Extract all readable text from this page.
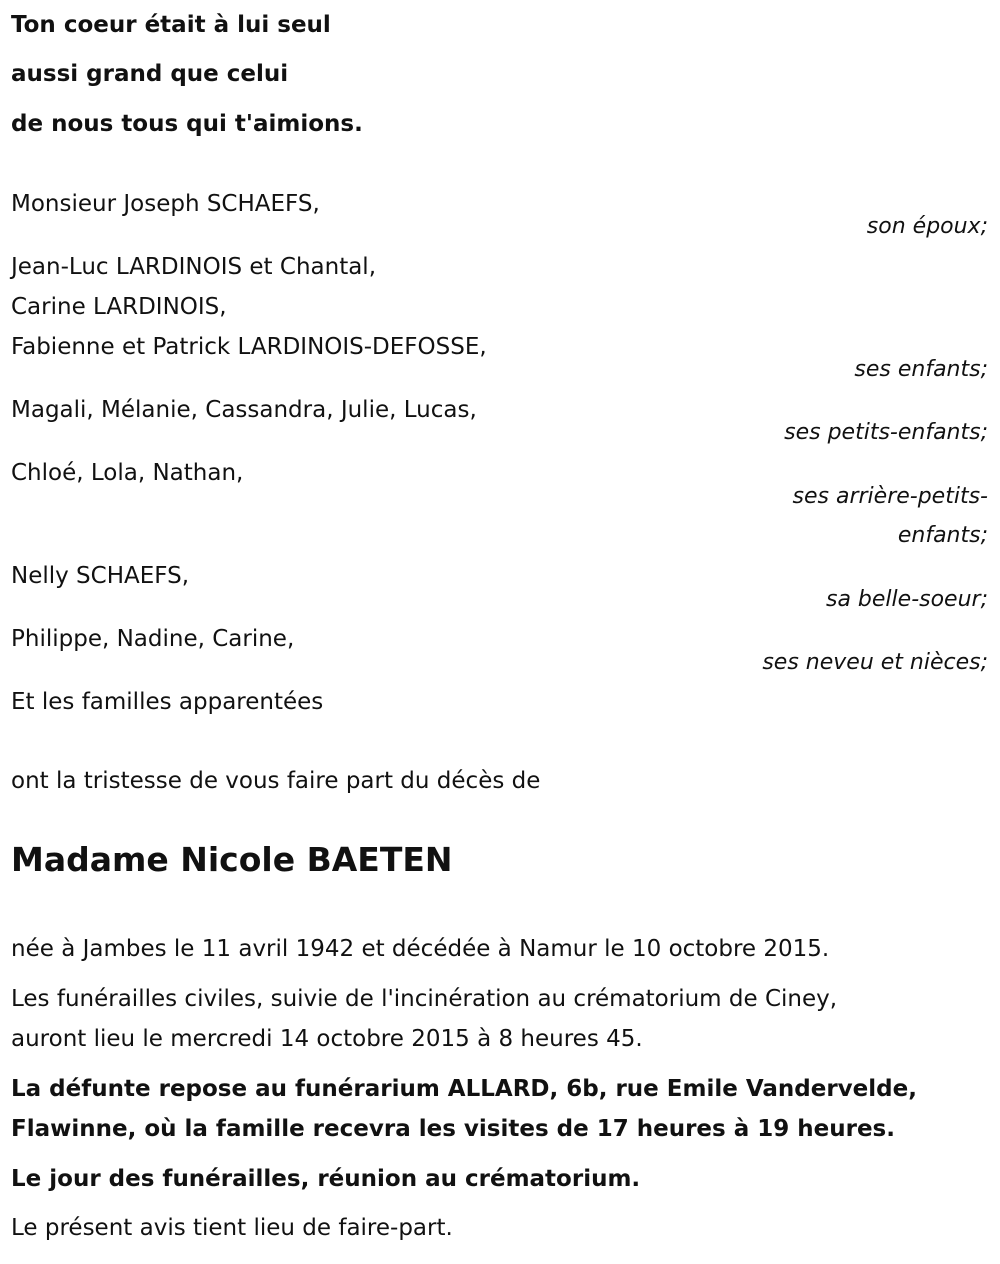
Ton coeur était à lui seul
aussi grand que celui
de nous tous qui t'aimions.
Monsieur Joseph SCHAEFS,
son époux;
Jean-Luc LARDINOIS et Chantal,
Carine LARDINOIS,
Fabienne et Patrick LARDINOIS-DEFOSSE,
ses enfants;
Magali, Mélanie, Cassandra, Julie, Lucas,
ses petits-enfants;
Chloé, Lola, Nathan,
ses arrière-petits-
enfants;
Nelly SCHAEFS,
sa belle-soeur;
Philippe, Nadine, Carine,
ses neveu et nièces;
Et les familles apparentées
ont la tristesse de vous faire part du décès de
Madame Nicole BAETEN
née à Jambes le 11 avril 1942 et décédée à Namur le 10 octobre 2015.
Les funérailles civiles, suivie de l'incinération au crématorium de Ciney,
auront lieu le mercredi 14 octobre 2015 à 8 heures 45.
La défunte repose au funérarium ALLARD, 6b, rue Emile Vandervelde,
Flawinne, où la famille recevra les visites de 17 heures à 19 heures.
Le jour des funérailles, réunion au crématorium.
Le présent avis tient lieu de faire-part.
